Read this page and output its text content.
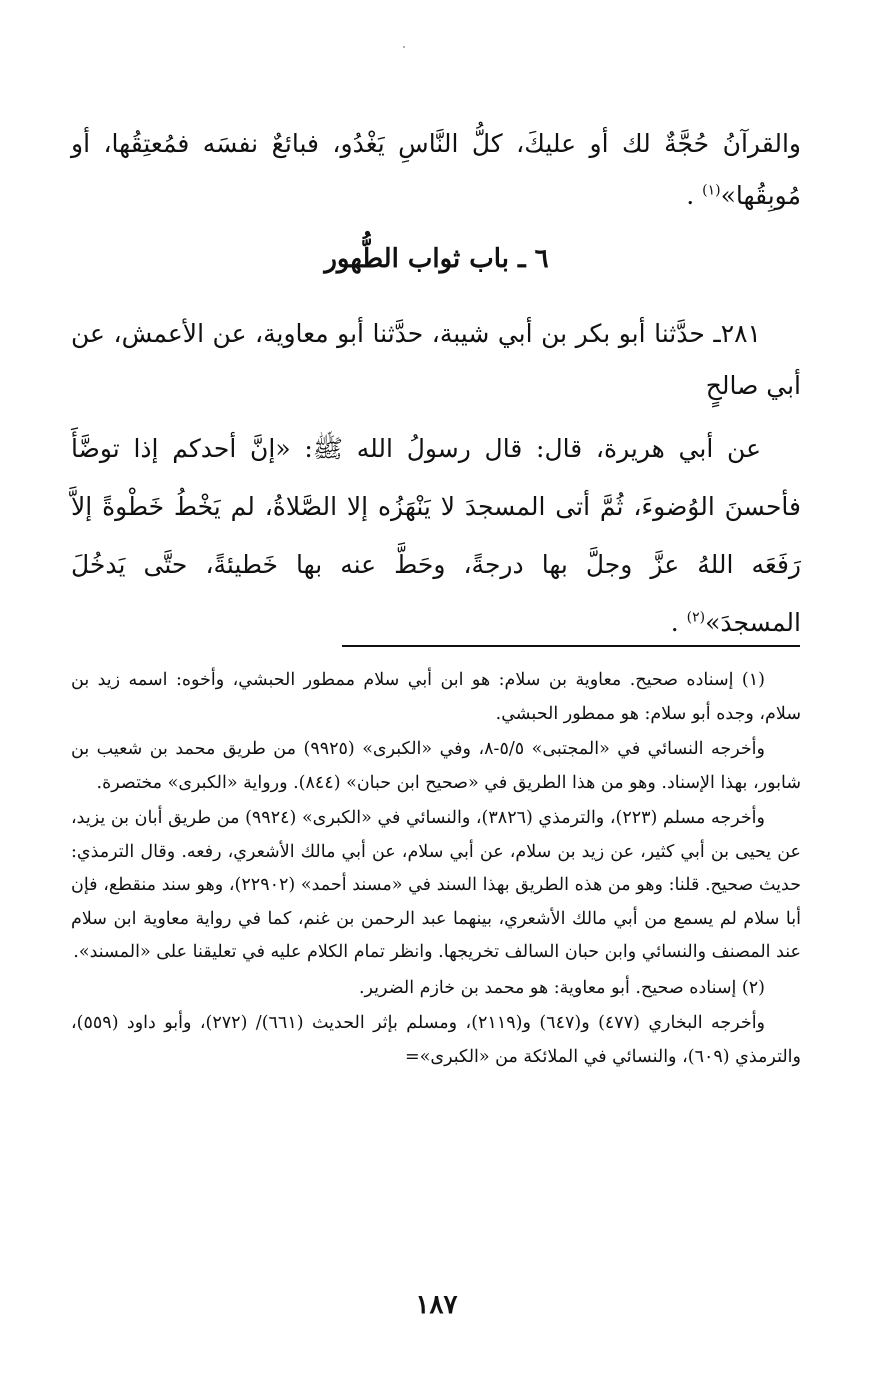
والقرآنُ حُجَّةٌ لك أو عليكَ، كلُّ النَّاسِ يَغْدُو، فبائعٌ نفسَه فمُعتِقُها، أو مُوبِقُها»$^{(١)}$ .
٦ ـ باب ثواب الطُّهور
٢٨١ـ حدَّثنا أبو بكر بن أبي شيبة، حدَّثنا أبو معاوية، عن الأعمش، عن أبي صالحٍ
عن أبي هريرة، قال: قال رسولُ الله ﷺ: «إنَّ أحدكم إذا توضَّأَ فأحسنَ الوُضوءَ، ثُمَّ أتى المسجدَ لا يَنْهَزُه إلا الصَّلاةُ، لم يَخْطُ خَطْوةً إلاَّ رَفَعَه اللهُ عزَّ وجلَّ بها درجةً، وحَطَّ عنه بها خَطيئةً، حتَّى يَدخُلَ المسجدَ»$^{(٢)}$ .

(١) إسناده صحيح. معاوية بن سلام: هو ابن أبي سلام ممطور الحبشي، وأخوه: اسمه زيد بن سلام، وجده أبو سلام: هو ممطور الحبشي.

وأخرجه النسائي في «المجتبى» ٥/٥-٨، وفي «الكبرى» (٩٩٢٥) من طريق محمد بن شعيب بن شابور، بهذا الإسناد. وهو من هذا الطريق في «صحيح ابن حبان» (٨٤٤). ورواية «الكبرى» مختصرة.

وأخرجه مسلم (٢٢٣)، والترمذي (٣٨٢٦)، والنسائي في «الكبرى» (٩٩٢٤) من طريق أبان بن يزيد، عن يحيى بن أبي كثير، عن زيد بن سلام، عن أبي سلام، عن أبي مالك الأشعري، رفعه. وقال الترمذي: حديث صحيح. قلنا: وهو من هذه الطريق بهذا السند في «مسند أحمد» (٢٢٩٠٢)، وهو سند منقطع، فإن أبا سلام لم يسمع من أبي مالك الأشعري، بينهما عبد الرحمن بن غنم، كما في رواية معاوية ابن سلام عند المصنف والنسائي وابن حبان السالف تخريجها. وانظر تمام الكلام عليه في تعليقنا على «المسند».

(٢) إسناده صحيح. أبو معاوية: هو محمد بن خازم الضرير.

وأخرجه البخاري (٤٧٧) و(٦٤٧) و(٢١١٩)، ومسلم بإثر الحديث (٦٦١)/ (٢٧٢)، وأبو داود (٥٥٩)، والترمذي (٦٠٩)، والنسائي في الملائكة من «الكبرى»=

١٨٧
